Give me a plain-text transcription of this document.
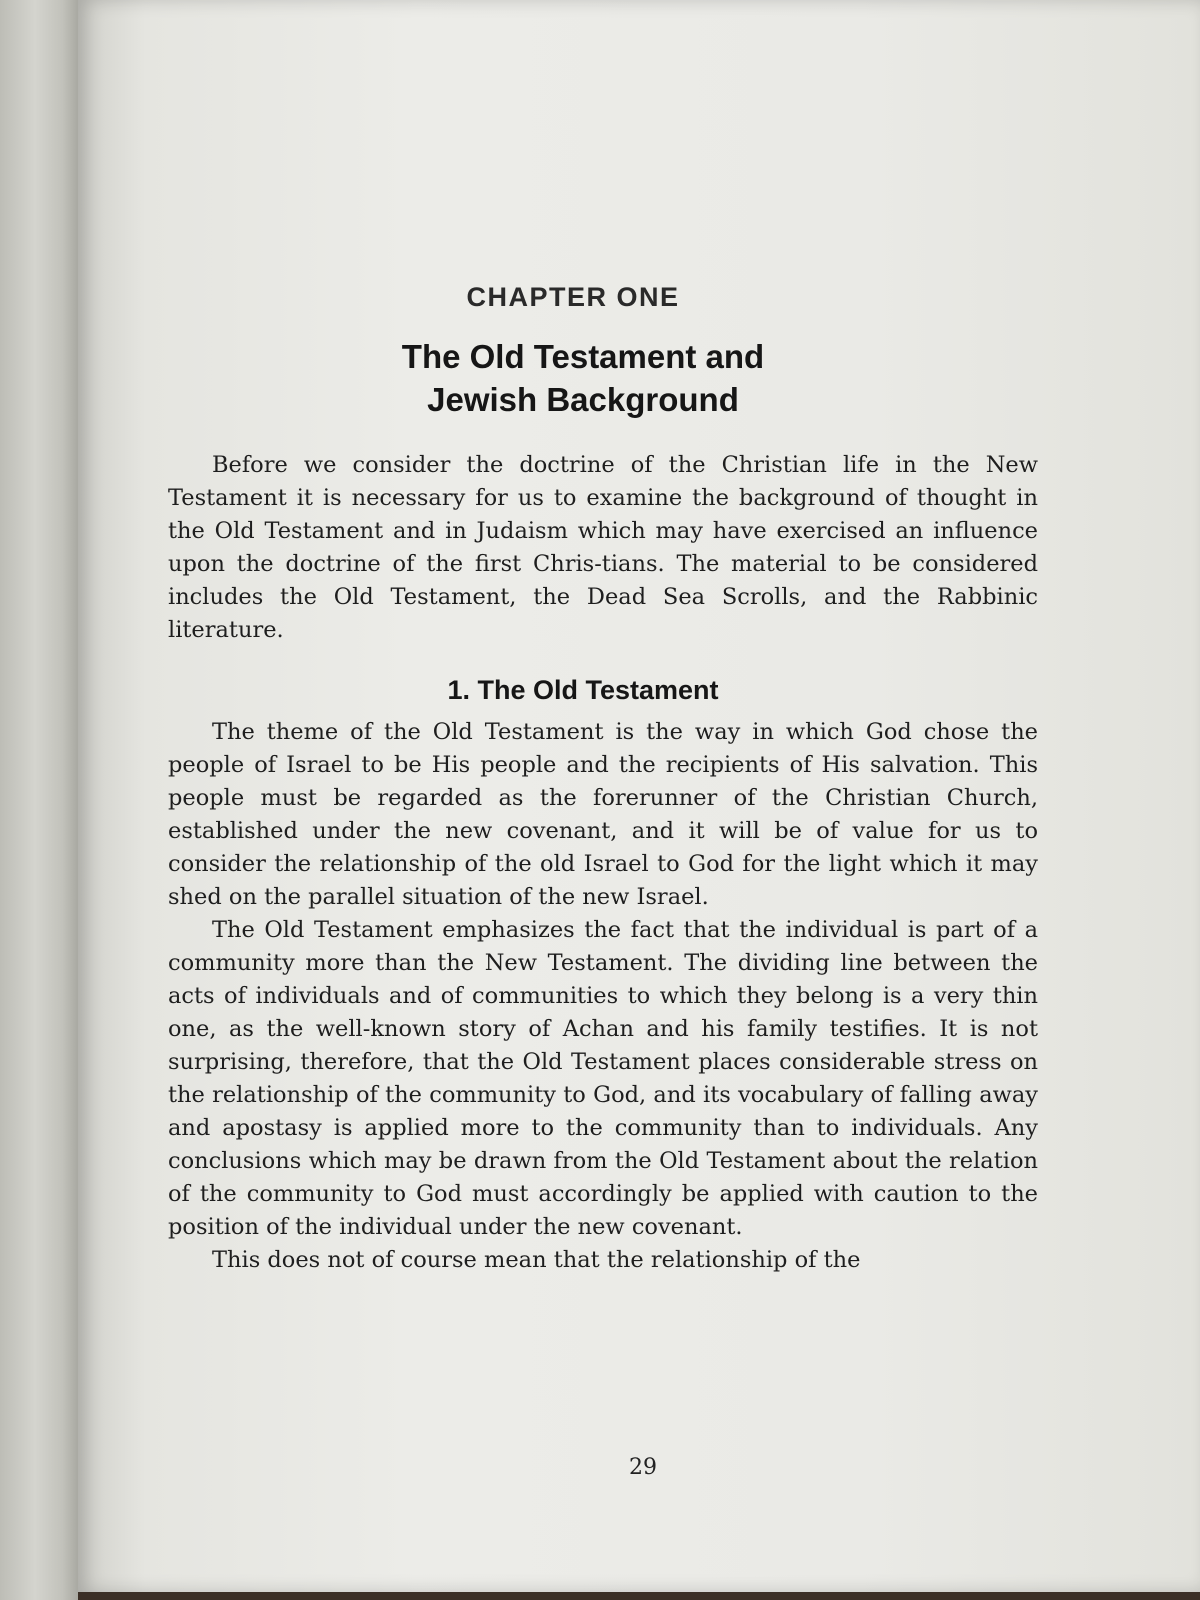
CHAPTER ONE
The Old Testament and
Jewish Background

Before we consider the doctrine of the Christian life in the New Testament it is necessary for us to examine the background of thought in the Old Testament and in Judaism which may have exercised an influence upon the doctrine of the first Chris-tians. The material to be considered includes the Old Testament, the Dead Sea Scrolls, and the Rabbinic literature.

1. The Old Testament

The theme of the Old Testament is the way in which God chose the people of Israel to be His people and the recipients of His salvation. This people must be regarded as the forerunner of the Christian Church, established under the new covenant, and it will be of value for us to consider the relationship of the old Israel to God for the light which it may shed on the parallel situation of the new Israel.

The Old Testament emphasizes the fact that the individual is part of a community more than the New Testament. The dividing line between the acts of individuals and of communities to which they belong is a very thin one, as the well-known story of Achan and his family testifies. It is not surprising, therefore, that the Old Testament places considerable stress on the relationship of the community to God, and its vocabulary of falling away and apostasy is applied more to the community than to individuals. Any conclusions which may be drawn from the Old Testament about the relation of the community to God must accordingly be applied with caution to the position of the individual under the new covenant.

This does not of course mean that the relationship of the

29
